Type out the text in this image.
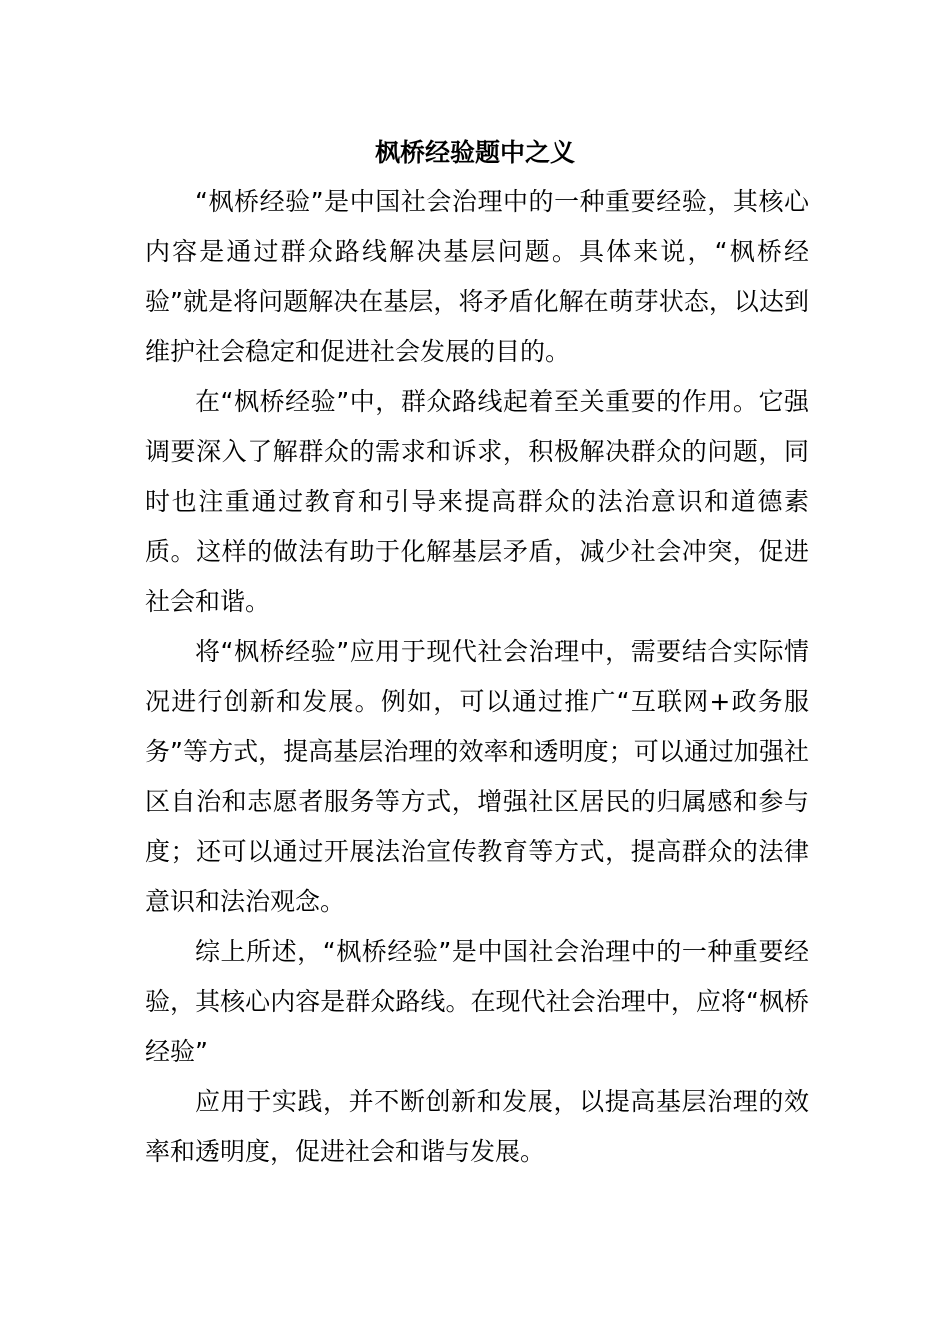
枫桥经验题中之义

“枫桥经验”是中国社会治理中的一种重要经验，其核心内容是通过群众路线解决基层问题。具体来说，“枫桥经验”就是将问题解决在基层，将矛盾化解在萌芽状态，以达到维护社会稳定和促进社会发展的目的。

在“枫桥经验”中，群众路线起着至关重要的作用。它强调要深入了解群众的需求和诉求，积极解决群众的问题，同时也注重通过教育和引导来提高群众的法治意识和道德素质。这样的做法有助于化解基层矛盾，减少社会冲突，促进社会和谐。

将“枫桥经验”应用于现代社会治理中，需要结合实际情况进行创新和发展。例如，可以通过推广“互联网+政务服务”等方式，提高基层治理的效率和透明度；可以通过加强社区自治和志愿者服务等方式，增强社区居民的归属感和参与度；还可以通过开展法治宣传教育等方式，提高群众的法律意识和法治观念。

综上所述，“枫桥经验”是中国社会治理中的一种重要经验，其核心内容是群众路线。在现代社会治理中，应将“枫桥经验”

应用于实践，并不断创新和发展，以提高基层治理的效率和透明度，促进社会和谐与发展。
